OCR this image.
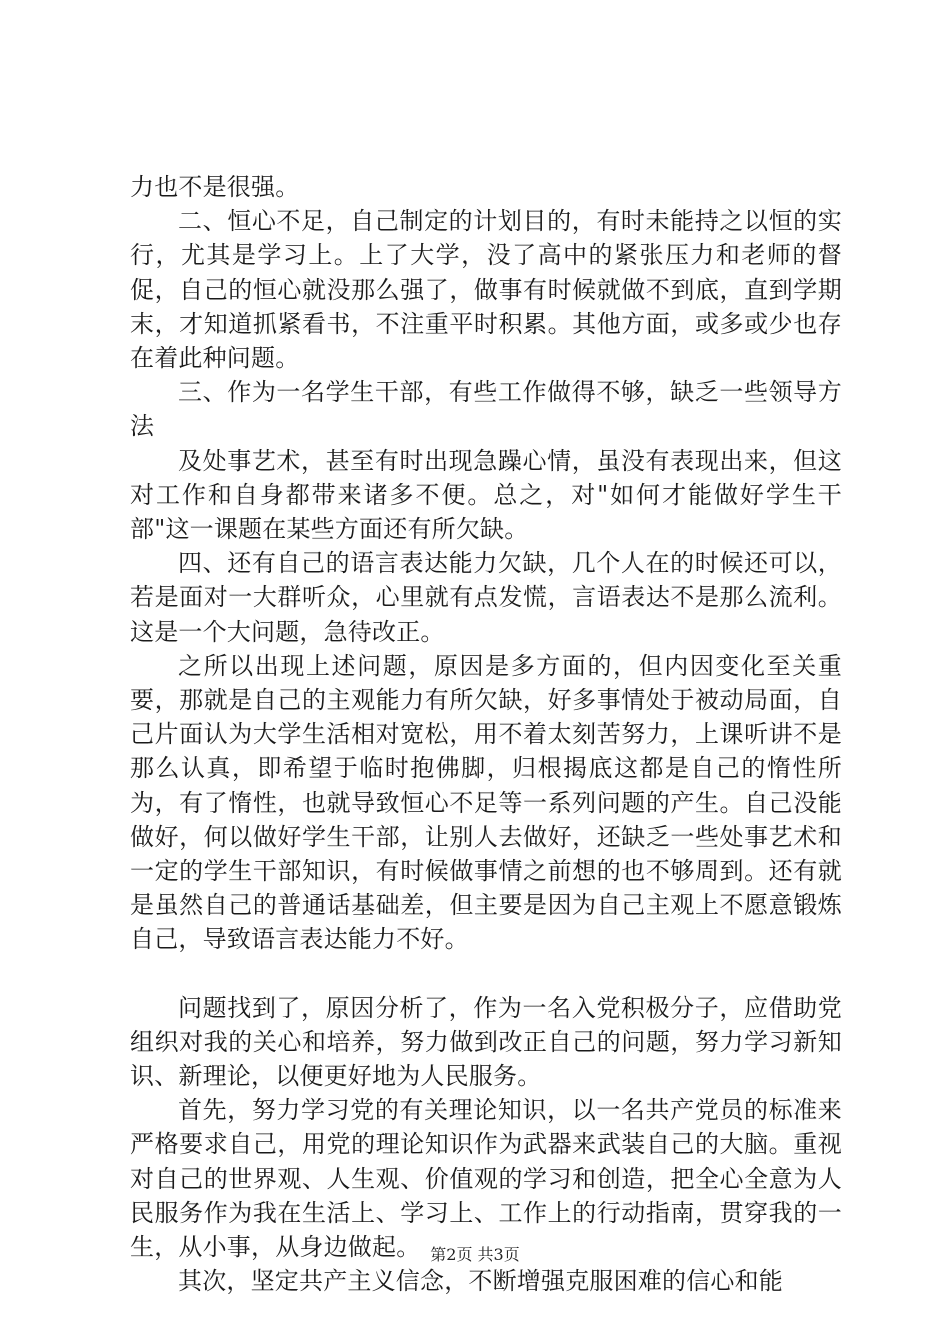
力也不是很强。

二、恒心不足，自己制定的计划目的，有时未能持之以恒的实行，尤其是学习上。上了大学，没了高中的紧张压力和老师的督促，自己的恒心就没那么强了，做事有时候就做不到底，直到学期末，才知道抓紧看书，不注重平时积累。其他方面，或多或少也存在着此种问题。

三、作为一名学生干部，有些工作做得不够，缺乏一些领导方法

及处事艺术，甚至有时出现急躁心情，虽没有表现出来，但这对工作和自身都带来诸多不便。总之，对"如何才能做好学生干部"这一课题在某些方面还有所欠缺。

四、还有自己的语言表达能力欠缺，几个人在的时候还可以，若是面对一大群听众，心里就有点发慌，言语表达不是那么流利。这是一个大问题，急待改正。

之所以出现上述问题，原因是多方面的，但内因变化至关重要，那就是自己的主观能力有所欠缺，好多事情处于被动局面，自己片面认为大学生活相对宽松，用不着太刻苦努力，上课听讲不是那么认真，即希望于临时抱佛脚，归根揭底这都是自己的惰性所为，有了惰性，也就导致恒心不足等一系列问题的产生。自己没能做好，何以做好学生干部，让别人去做好，还缺乏一些处事艺术和一定的学生干部知识，有时候做事情之前想的也不够周到。还有就是虽然自己的普通话基础差，但主要是因为自己主观上不愿意锻炼自己，导致语言表达能力不好。

问题找到了，原因分析了，作为一名入党积极分子，应借助党组织对我的关心和培养，努力做到改正自己的问题，努力学习新知识、新理论，以便更好地为人民服务。

首先，努力学习党的有关理论知识，以一名共产党员的标准来严格要求自己，用党的理论知识作为武器来武装自己的大脑。重视对自己的世界观、人生观、价值观的学习和创造，把全心全意为人民服务作为我在生活上、学习上、工作上的行动指南，贯穿我的一生，从小事，从身边做起。

其次，坚定共产主义信念，不断增强克服困难的信心和能

第2页 共3页
